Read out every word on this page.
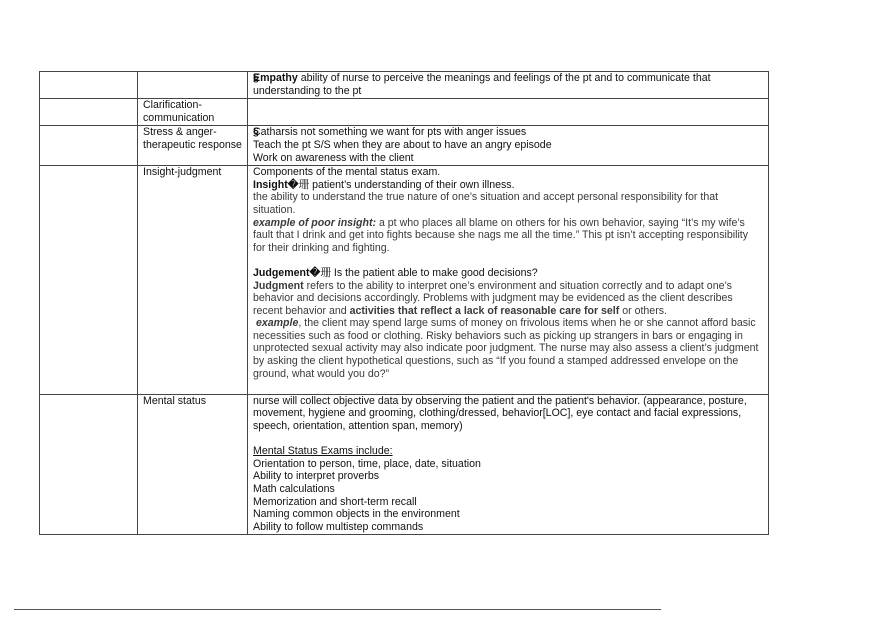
		Empathy ability of nurse to perceive the meanings and feelings of the pt and to communicate that understanding to the pt
	Clarification-communication	
	Stress & anger-therapeutic response	Catharsis not something we want for pts with anger issues
Teach the pt S/S when they are about to have an angry episode
Work on awareness with the client

	Insight-judgment	Components of the mental status exam.
Insight�珊 patient’s understanding of their own illness.
the ability to understand the true nature of one’s situation and accept personal responsibility for that situation.
example of poor insight: a pt who places all blame on others for his own behavior, saying “It’s my wife’s fault that I drink and get into fights because she nags me all the time.” This pt isn’t accepting responsibility for their drinking and fighting.
Judgement�珊 Is the patient able to make good decisions?
Judgment refers to the ability to interpret one’s environment and situation correctly and to adapt one’s behavior and decisions accordingly. Problems with judgment may be evidenced as the client describes recent behavior and activities that reflect a lack of reasonable care for self or others.
example, the client may spend large sums of money on frivolous items when he or she cannot afford basic necessities such as food or clothing. Risky behaviors such as picking up strangers in bars or engaging in unprotected sexual activity may also indicate poor judgment. The nurse may also assess a client’s judgment by asking the client hypothetical questions, such as “If you found a stamped addressed envelope on the ground, what would you do?”

	Mental status	nurse will collect objective data by observing the patient and the patient's behavior. (appearance, posture, movement, hygiene and grooming, clothing/dressed, behavior[LOC], eye contact and facial expressions, speech, orientation, attention span, memory)
Mental Status Exams include:
Orientation to person, time, place, date, situation
Ability to interpret proverbs
Math calculations
Memorization and short-term recall
Naming common objects in the environment
Ability to follow multistep commands
